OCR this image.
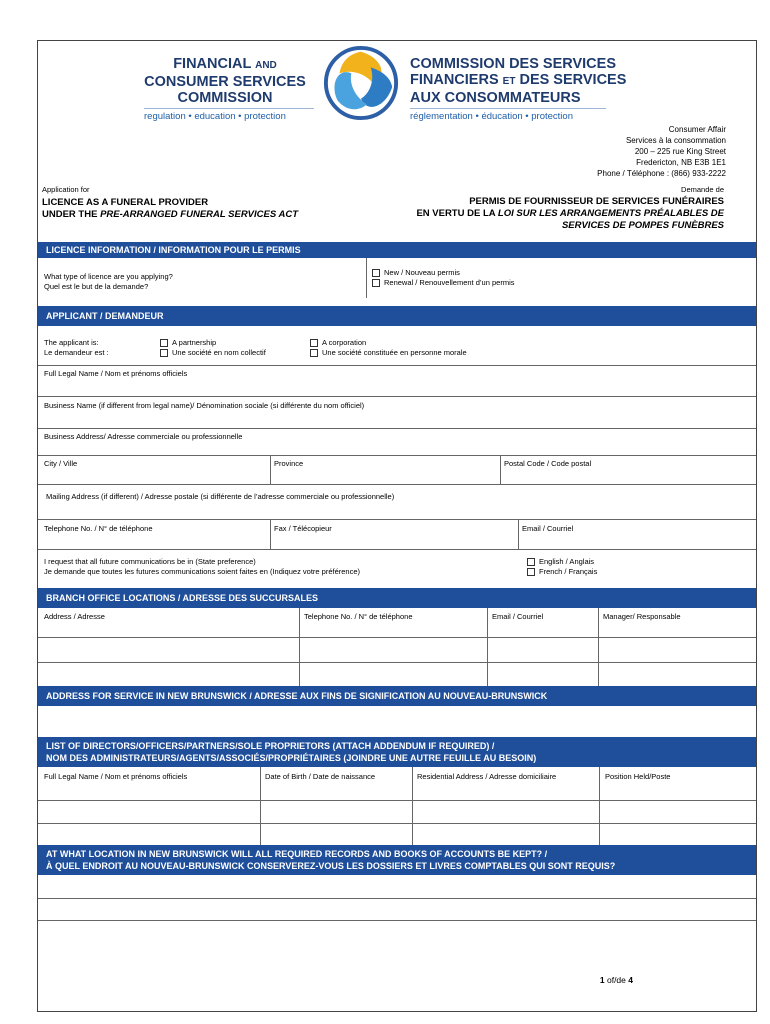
FINANCIAL AND
CONSUMER SERVICES
COMMISSION
regulation • education • protection
COMMISSION DES SERVICES
FINANCIERS ET DES SERVICES
AUX CONSOMMATEURS
réglementation • éducation • protection
Consumer Affair
Services à la consommation
200 – 225 rue King Street
Fredericton, NB E3B 1E1
Phone / Téléphone : (866) 933-2222
Application for	Demande de
LICENCE AS A FUNERAL PROVIDER
UNDER THE PRE-ARRANGED FUNERAL SERVICES ACT
PERMIS DE FOURNISSEUR DE SERVICES FUNÉRAIRES
EN VERTU DE LA LOI SUR LES ARRANGEMENTS PRÉALABLES DE
SERVICES DE POMPES FUNÈBRES
LICENCE INFORMATION / INFORMATION POUR LE PERMIS
What type of licence are you applying?
Quel est le but de la demande?
New / Nouveau permis
Renewal / Renouvellement d’un permis
APPLICANT / DEMANDEUR
The applicant is:
Le demandeur est :
A partnership
Une société en nom collectif
A corporation
Une société constituée en personne morale
Full Legal Name / Nom et prénoms officiels
Business Name (if different from legal name)/ Dénomination sociale (si différente du nom officiel)
Business Address/ Adresse commerciale ou professionnelle
City / Ville	Province	Postal Code / Code postal
Mailing Address (if different) / Adresse postale (si différente de l’adresse commerciale ou professionnelle)
Telephone No. / N° de téléphone	Fax / Télécopieur	Email / Courriel
I request that all future communications be in (State preference)
Je demande que toutes les futures communications soient faites en (Indiquez votre préférence)
English / Anglais
French / Français
BRANCH OFFICE LOCATIONS / ADRESSE DES SUCCURSALES
Address / Adresse	Telephone No. / N° de téléphone	Email / Courriel	Manager/ Responsable
ADDRESS FOR SERVICE IN NEW BRUNSWICK / ADRESSE AUX FINS DE SIGNIFICATION AU NOUVEAU-BRUNSWICK
LIST OF DIRECTORS/OFFICERS/PARTNERS/SOLE PROPRIETORS (ATTACH ADDENDUM IF REQUIRED) /
NOM DES ADMINISTRATEURS/AGENTS/ASSOCIÉS/PROPRIÉTAIRES (JOINDRE UNE AUTRE FEUILLE AU BESOIN)
Full Legal Name / Nom et prénoms officiels	Date of Birth / Date de naissance	Residential Address / Adresse domiciliaire	Position Held/Poste
AT WHAT LOCATION IN NEW BRUNSWICK WILL ALL REQUIRED RECORDS AND BOOKS OF ACCOUNTS BE KEPT? /
À QUEL ENDROIT AU NOUVEAU-BRUNSWICK CONSERVEREZ-VOUS LES DOSSIERS ET LIVRES COMPTABLES QUI SONT REQUIS?
1 of/de 4
